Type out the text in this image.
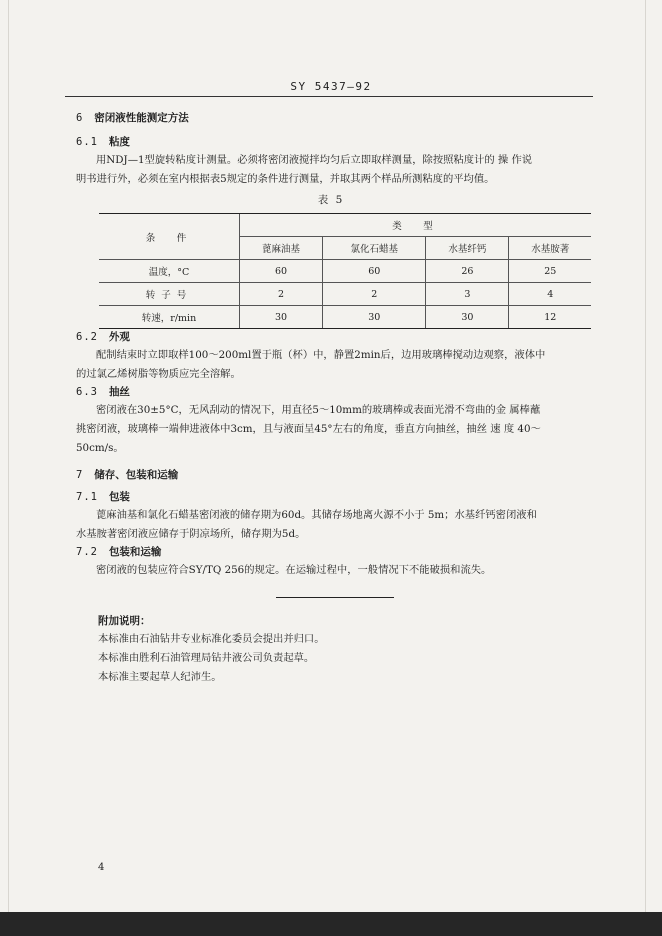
SY 5437—92
6 密闭液性能测定方法
6.1 粘度

用NDJ—1型旋转粘度计测量。必须将密闭液搅拌均匀后立即取样测量，除按照粘度计的 操 作说

明书进行外，必须在室内根据表5规定的条件进行测量，并取其两个样品所测粘度的平均值。

表 5
条　件	类　型			
	蓖麻油基	氯化石蜡基	水基纤钙	水基胺著
温度，°C	60	60	26	25
转子号	2	2	3	4
转速，r/min	30	30	30	12
6.2 外观

配制结束时立即取样100～200ml置于瓶（杯）中，静置2min后，边用玻璃棒搅动边观察，液体中

的过氯乙烯树脂等物质应完全溶解。

6.3 抽丝

密闭液在30±5°C，无风刮动的情况下，用直径5～10mm的玻璃棒或表面光滑不弯曲的金 属棒蘸

挑密闭液，玻璃棒一端伸进液体中3cm，且与液面呈45°左右的角度，垂直方向抽丝，抽丝 速 度 40～

50cm/s。

7 储存、包装和运输
7.1 包装

蓖麻油基和氯化石蜡基密闭液的储存期为60d。其储存场地离火源不小于 5m；水基纤钙密闭液和

水基胺著密闭液应储存于阴凉场所，储存期为5d。

7.2 包装和运输

密闭液的包装应符合SY/TQ 256的规定。在运输过程中，一般情况下不能破损和流失。

附加说明：

本标准由石油钻井专业标准化委员会提出并归口。

本标准由胜利石油管理局钻井液公司负责起草。

本标准主要起草人纪沛生。

4
